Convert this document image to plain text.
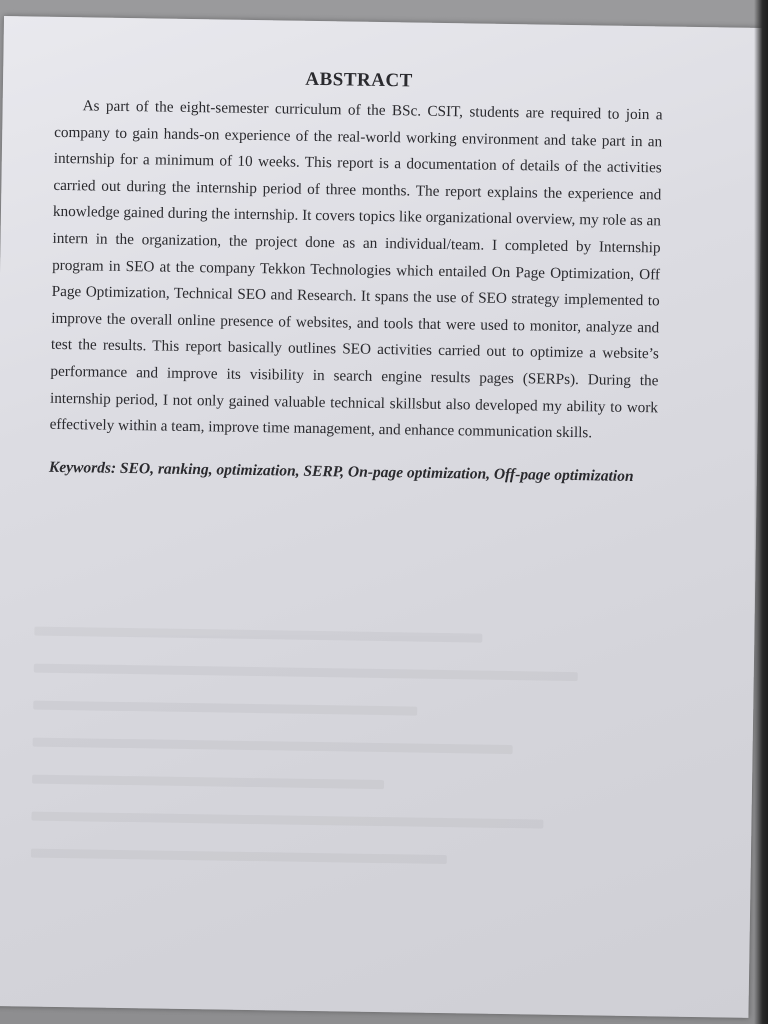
ABSTRACT

As part of the eight-semester curriculum of the BSc. CSIT, students are required to join a company to gain hands-on experience of the real-world working environment and take part in an internship for a minimum of 10 weeks. This report is a documentation of details of the activities carried out during the internship period of three months. The report explains the experience and knowledge gained during the internship. It covers topics like organizational overview, my role as an intern in the organization, the project done as an individual/team. I completed by Internship program in SEO at the company Tekkon Technologies which entailed On Page Optimization, Off Page Optimization, Technical SEO and Research. It spans the use of SEO strategy implemented to improve the overall online presence of websites, and tools that were used to monitor, analyze and test the results. This report basically outlines SEO activities carried out to optimize a website’s performance and improve its visibility in search engine results pages (SERPs). During the internship period, I not only gained valuable technical skillsbut also developed my ability to work effectively within a team, improve time management, and enhance communication skills.

Keywords: SEO, ranking, optimization, SERP, On-page optimization, Off-page optimization
